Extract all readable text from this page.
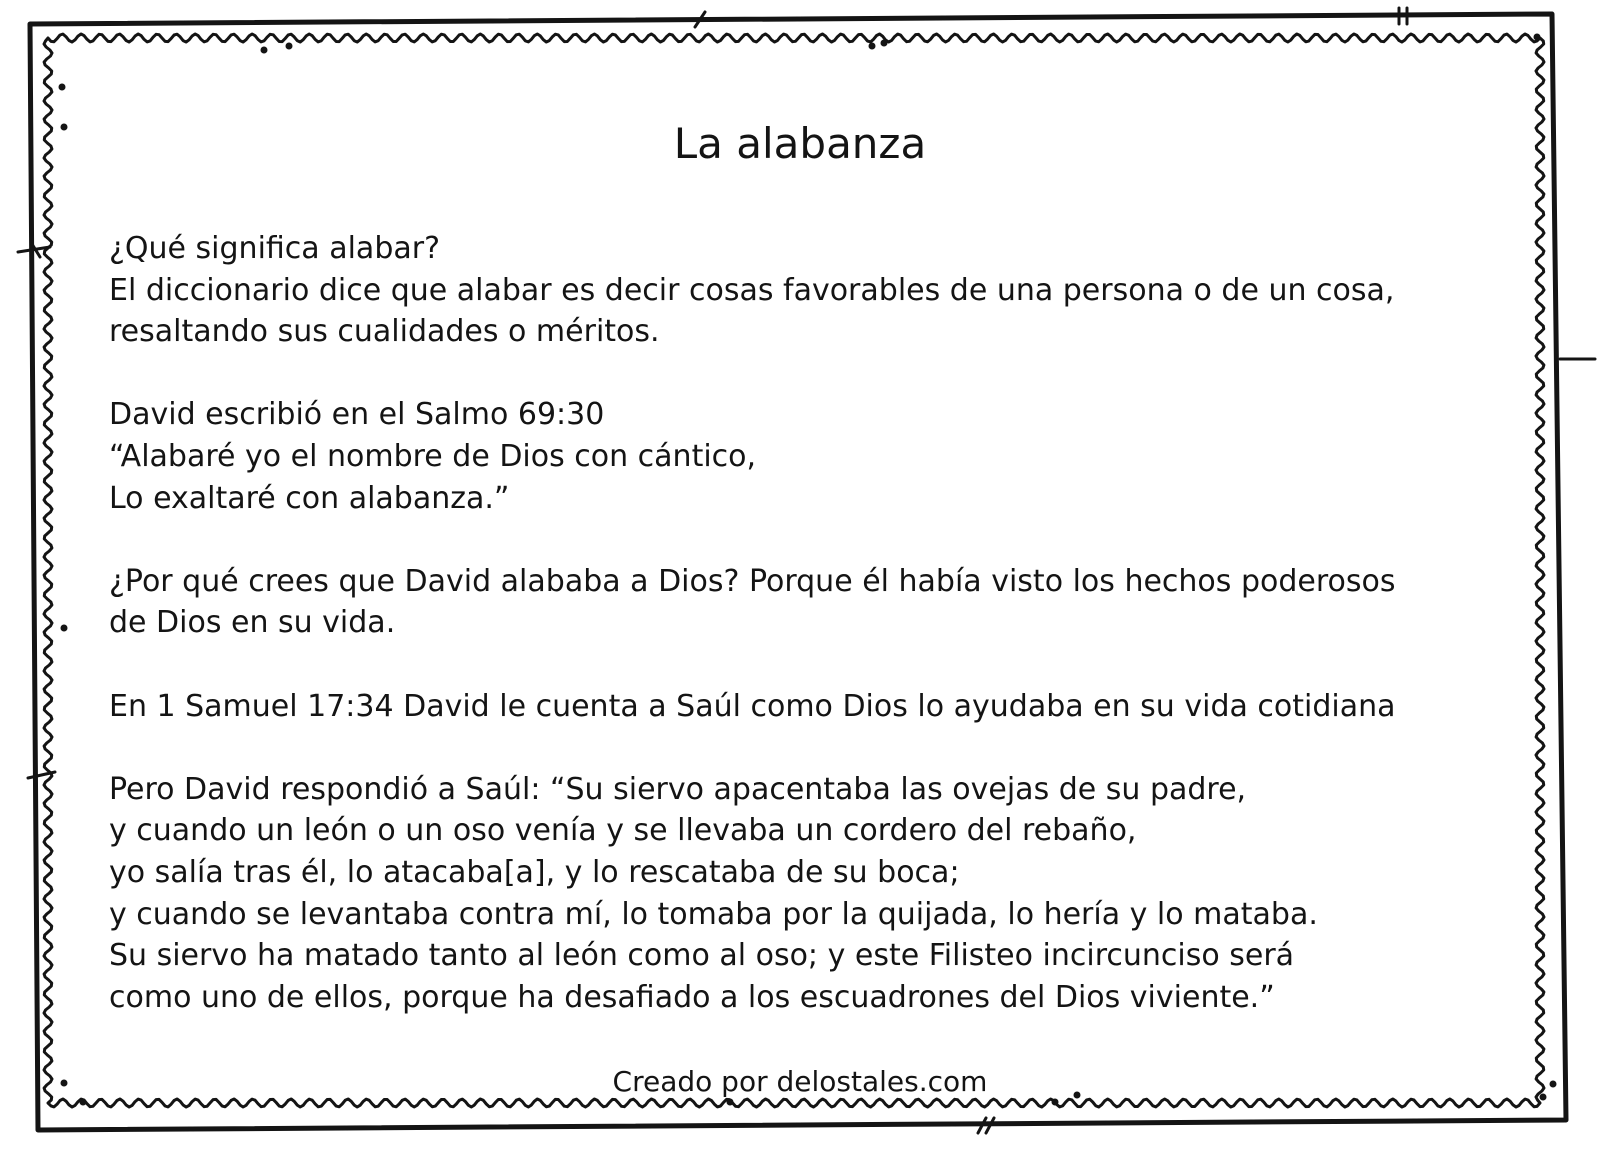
La alabanza
¿Qué significa alabar?
El diccionario dice que alabar es decir cosas favorables de una persona o de un cosa,
resaltando sus cualidades o méritos.
David escribió en el Salmo 69:30
“Alabaré yo el nombre de Dios con cántico,
Lo exaltaré con alabanza.”
¿Por qué crees que David alababa a Dios? Porque él había visto los hechos poderosos
de Dios en su vida.
En 1 Samuel 17:34 David le cuenta a Saúl como Dios lo ayudaba en su vida cotidiana
Pero David respondió a Saúl: “Su siervo apacentaba las ovejas de su padre,
y cuando un león o un oso venía y se llevaba un cordero del rebaño,
yo salía tras él, lo atacaba[a], y lo rescataba de su boca;
y cuando se levantaba contra mí, lo tomaba por la quijada, lo hería y lo mataba.
Su siervo ha matado tanto al león como al oso; y este Filisteo incircunciso será
como uno de ellos, porque ha desafiado a los escuadrones del Dios viviente.”
Creado por delostales.com
